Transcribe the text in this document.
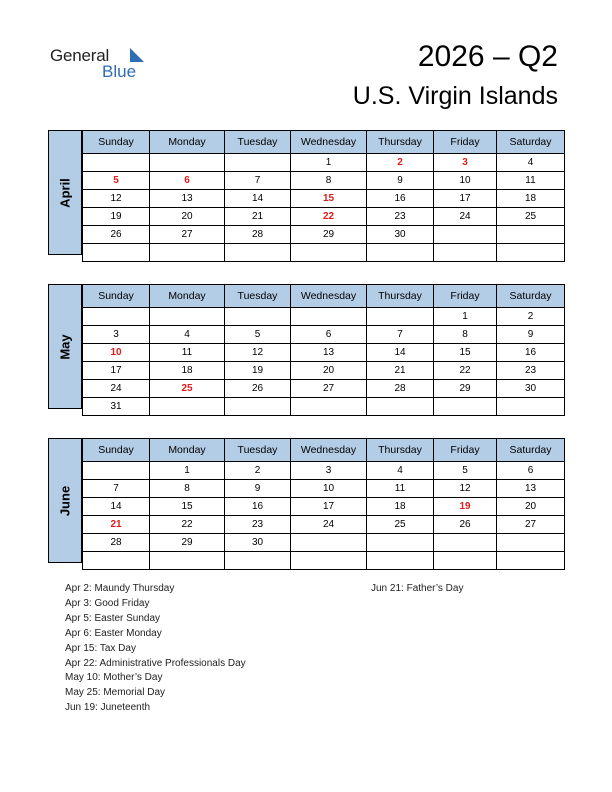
General
Blue	2026 – Q2
U.S. Virgin Islands
April
Sunday	Monday	Tuesday	Wednesday	Thursday	Friday	Saturday
			1	2	3	4
5	6	7	8	9	10	11
12	13	14	15	16	17	18
19	20	21	22	23	24	25
26	27	28	29	30		

May
Sunday	Monday	Tuesday	Wednesday	Thursday	Friday	Saturday
					1	2
3	4	5	6	7	8	9
10	11	12	13	14	15	16
17	18	19	20	21	22	23
24	25	26	27	28	29	30
31						
June
Sunday	Monday	Tuesday	Wednesday	Thursday	Friday	Saturday
	1	2	3	4	5	6
7	8	9	10	11	12	13
14	15	16	17	18	19	20
21	22	23	24	25	26	27
28	29	30				

Apr 2: Maundy Thursday
Apr 3: Good Friday
Apr 5: Easter Sunday
Apr 6: Easter Monday
Apr 15: Tax Day
Apr 22: Administrative Professionals Day
May 10: Mother’s Day
May 25: Memorial Day
Jun 19: Juneteenth
Jun 21: Father’s Day
